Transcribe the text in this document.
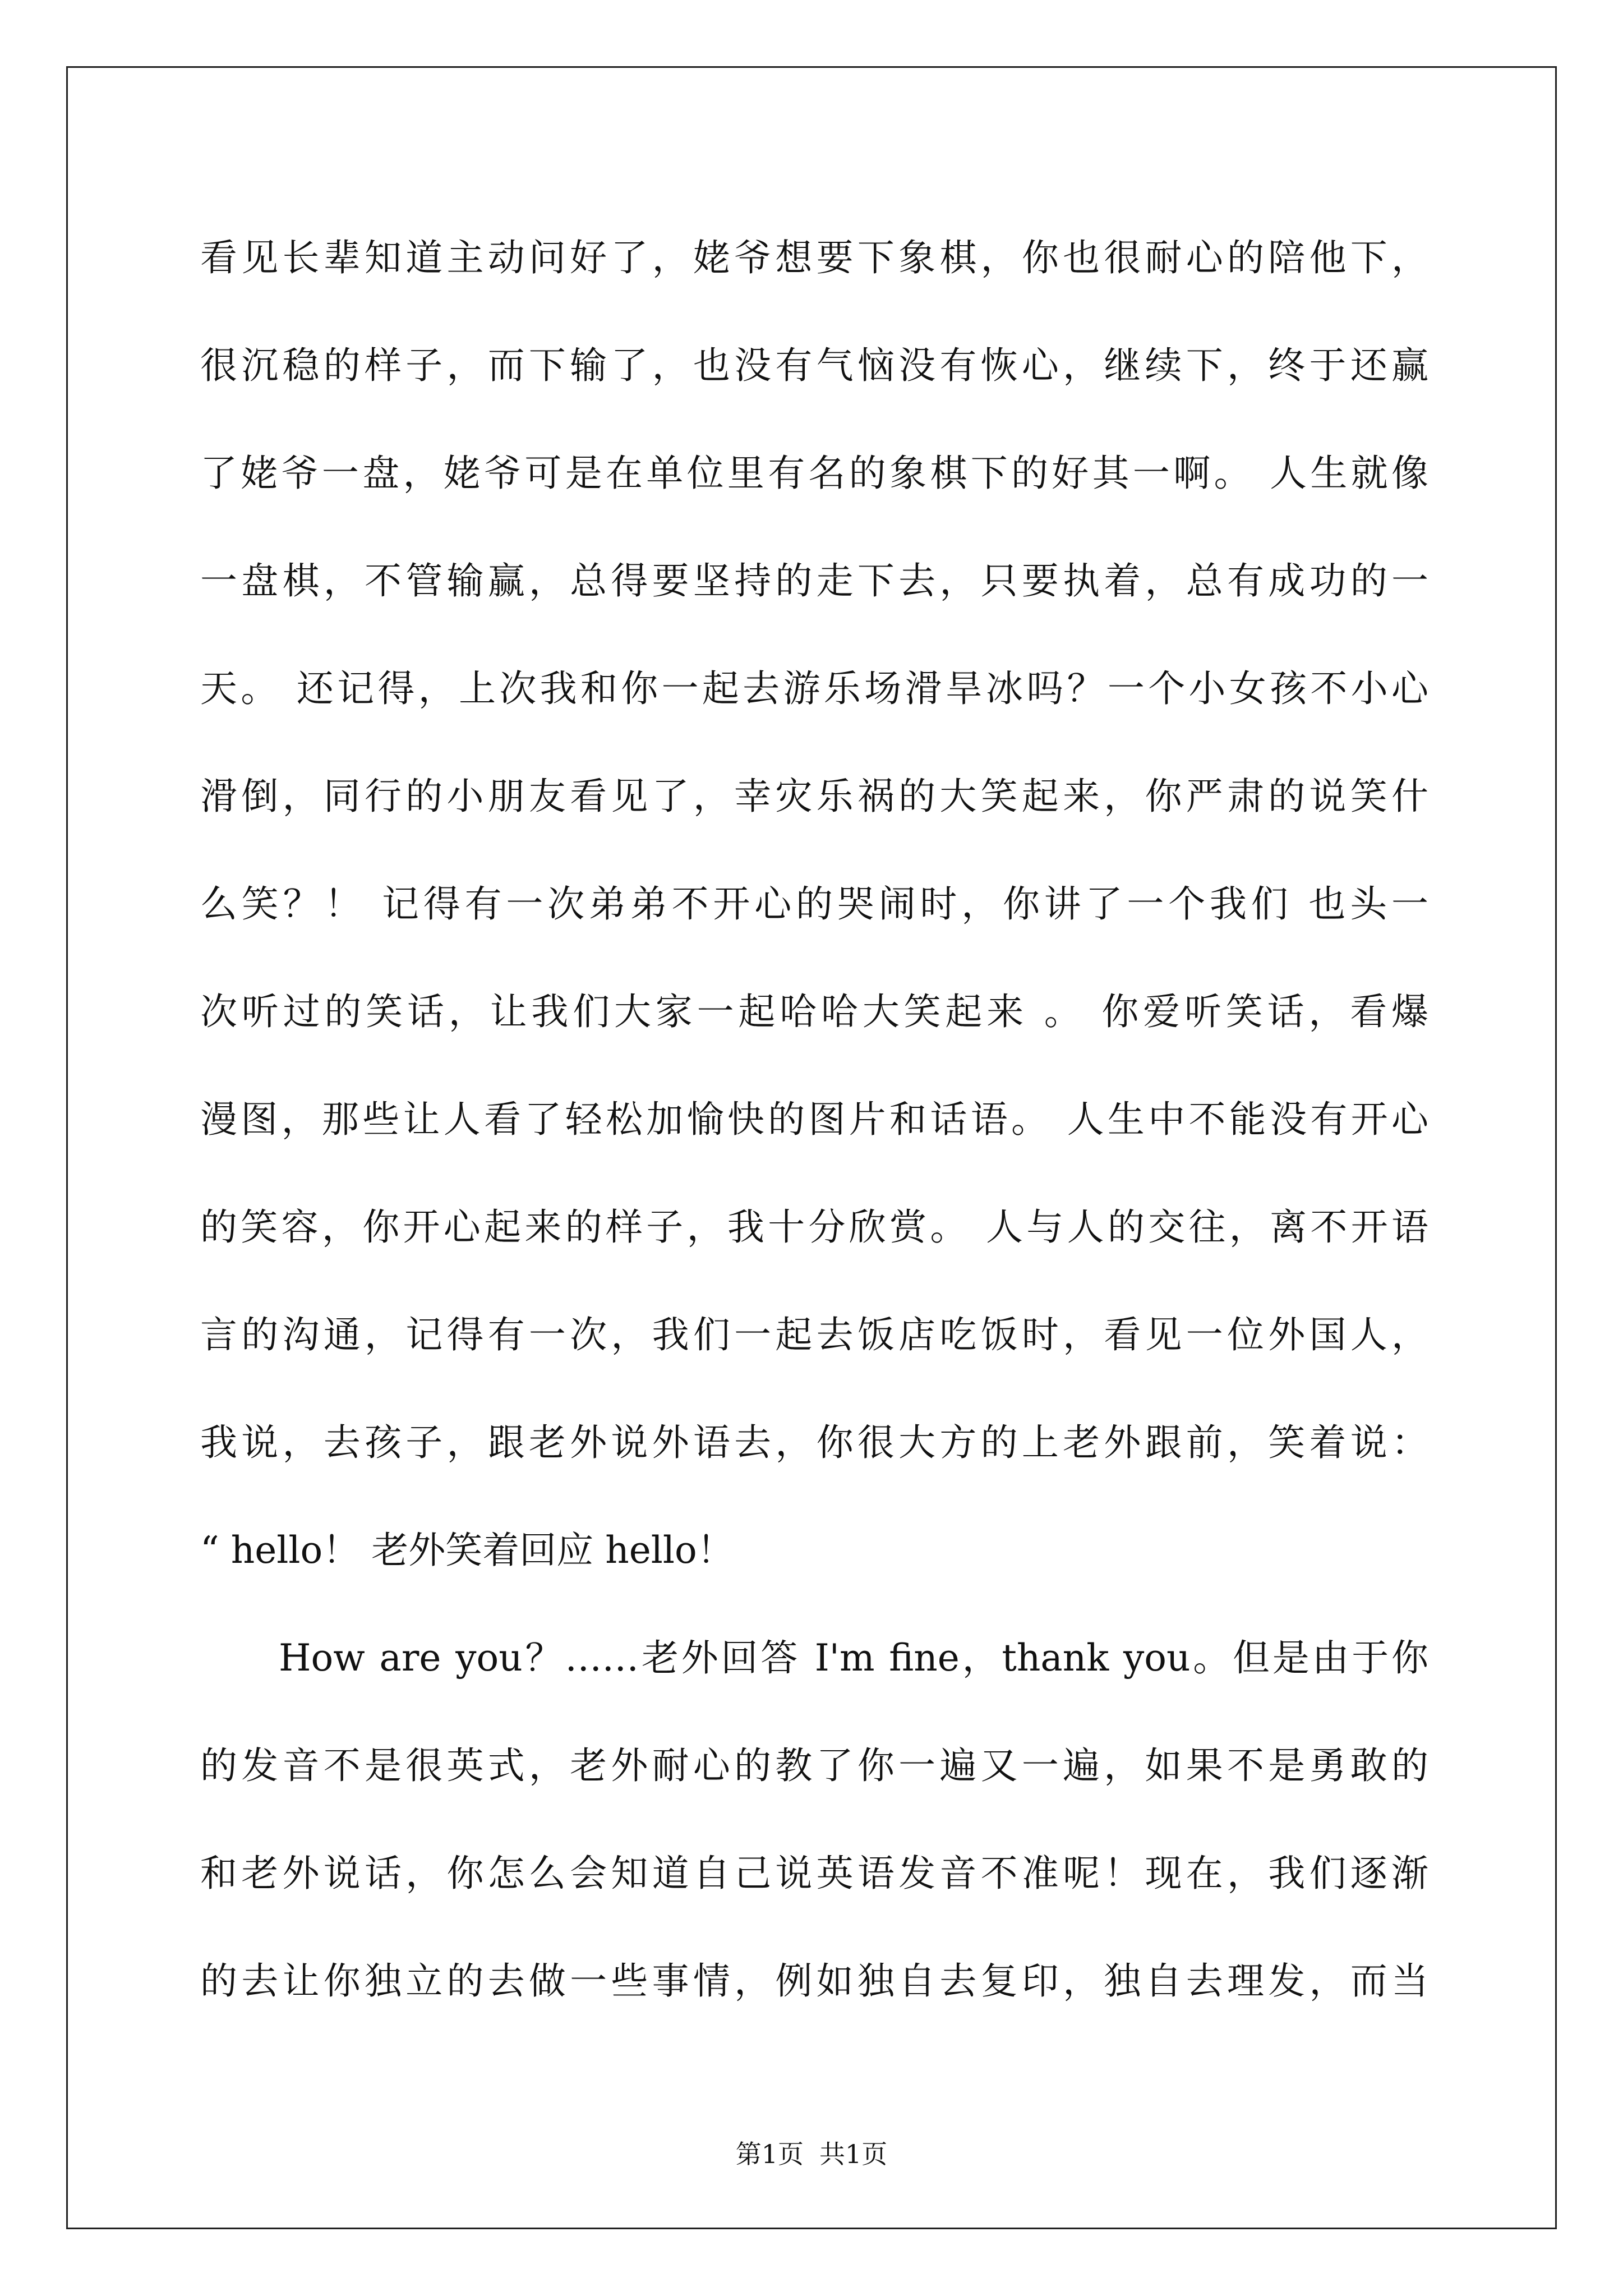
看见长辈知道主动问好了，姥爷想要下象棋，你也很耐心的陪他下，
很沉稳的样子，而下输了，也没有气恼没有恢心，继续下，终于还赢
了姥爷一盘，姥爷可是在单位里有名的象棋下的好其一啊。 人生就像
一盘棋，不管输赢，总得要坚持的走下去，只要执着，总有成功的一
天。 还记得，上次我和你一起去游乐场滑旱冰吗？一个小女孩不小心
滑倒，同行的小朋友看见了，幸灾乐祸的大笑起来，你严肃的说笑什
么笑？！ 记得有一次弟弟不开心的哭闹时，你讲了一个我们 也头一
次听过的笑话，让我们大家一起哈哈大笑起来 。 你爱听笑话，看爆
漫图，那些让人看了轻松加愉快的图片和话语。 人生中不能没有开心
的笑容，你开心起来的样子，我十分欣赏。 人与人的交往，离不开语
言的沟通，记得有一次，我们一起去饭店吃饭时，看见一位外国人，
我说，去孩子，跟老外说外语去，你很大方的上老外跟前，笑着说：
“ hello！ 老外笑着回应 hello！
How are you？……老外回答 I'm fine，thank you。但是由于你
的发音不是很英式，老外耐心的教了你一遍又一遍，如果不是勇敢的
和老外说话，你怎么会知道自己说英语发音不准呢！现在，我们逐渐
的去让你独立的去做一些事情，例如独自去复印，独自去理发，而当
第1页 共1页
